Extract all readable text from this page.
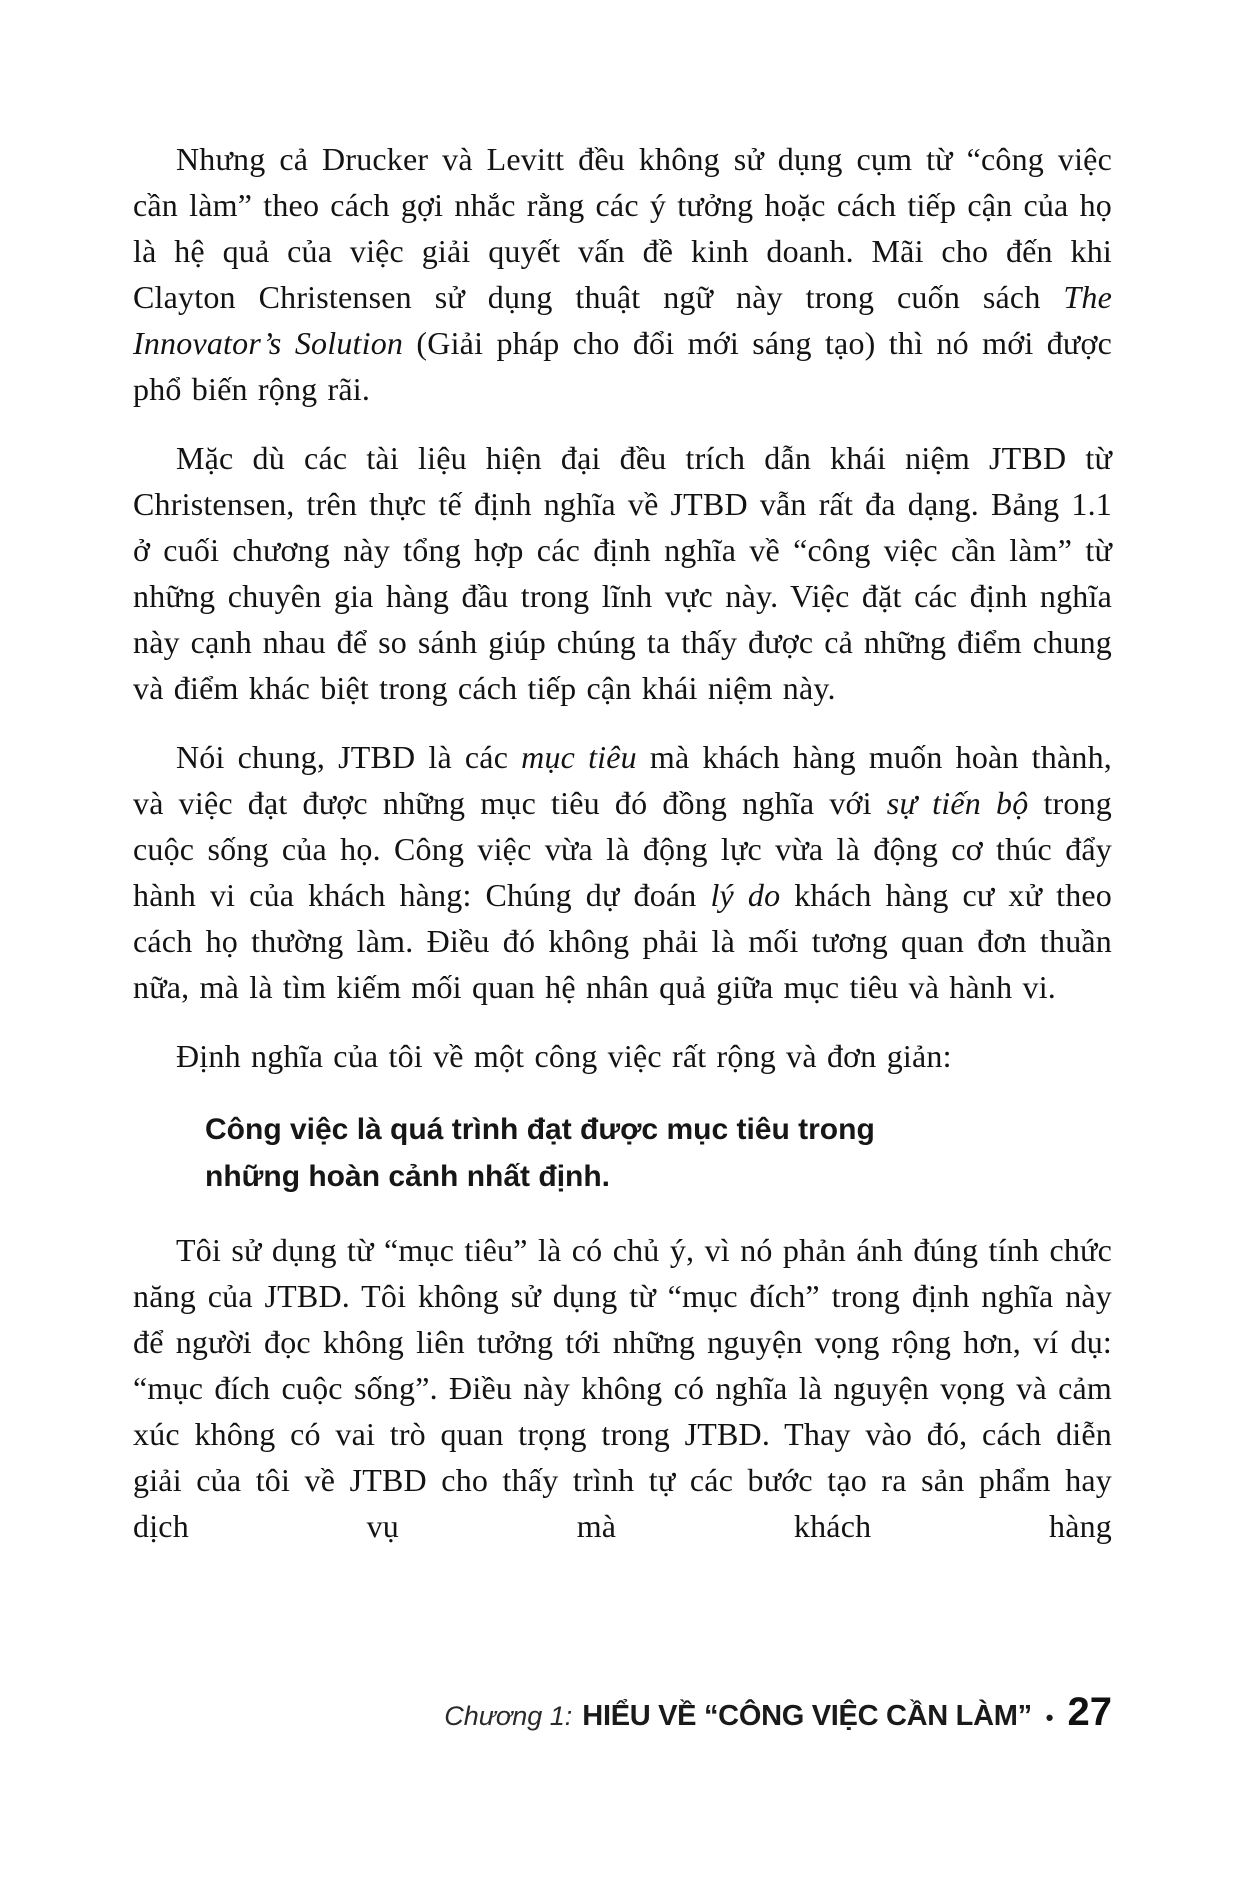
Nhưng cả Drucker và Levitt đều không sử dụng cụm từ “công việc cần làm” theo cách gợi nhắc rằng các ý tưởng hoặc cách tiếp cận của họ là hệ quả của việc giải quyết vấn đề kinh doanh. Mãi cho đến khi Clayton Christensen sử dụng thuật ngữ này trong cuốn sách The Innovator’s Solution (Giải pháp cho đổi mới sáng tạo) thì nó mới được phổ biến rộng rãi.

Mặc dù các tài liệu hiện đại đều trích dẫn khái niệm JTBD từ Christensen, trên thực tế định nghĩa về JTBD vẫn rất đa dạng. Bảng 1.1 ở cuối chương này tổng hợp các định nghĩa về “công việc cần làm” từ những chuyên gia hàng đầu trong lĩnh vực này. Việc đặt các định nghĩa này cạnh nhau để so sánh giúp chúng ta thấy được cả những điểm chung và điểm khác biệt trong cách tiếp cận khái niệm này.

Nói chung, JTBD là các mục tiêu mà khách hàng muốn hoàn thành, và việc đạt được những mục tiêu đó đồng nghĩa với sự tiến bộ trong cuộc sống của họ. Công việc vừa là động lực vừa là động cơ thúc đẩy hành vi của khách hàng: Chúng dự đoán lý do khách hàng cư xử theo cách họ thường làm. Điều đó không phải là mối tương quan đơn thuần nữa, mà là tìm kiếm mối quan hệ nhân quả giữa mục tiêu và hành vi.

Định nghĩa của tôi về một công việc rất rộng và đơn giản:

Công việc là quá trình đạt được mục tiêu trong những hoàn cảnh nhất định.

Tôi sử dụng từ “mục tiêu” là có chủ ý, vì nó phản ánh đúng tính chức năng của JTBD. Tôi không sử dụng từ “mục đích” trong định nghĩa này để người đọc không liên tưởng tới những nguyện vọng rộng hơn, ví dụ: “mục đích cuộc sống”. Điều này không có nghĩa là nguyện vọng và cảm xúc không có vai trò quan trọng trong JTBD. Thay vào đó, cách diễn giải của tôi về JTBD cho thấy trình tự các bước tạo ra sản phẩm hay dịch vụ mà khách hàng

Chương 1: HIỂU VỀ “CÔNG VIỆC CẦN LÀM” • 27
